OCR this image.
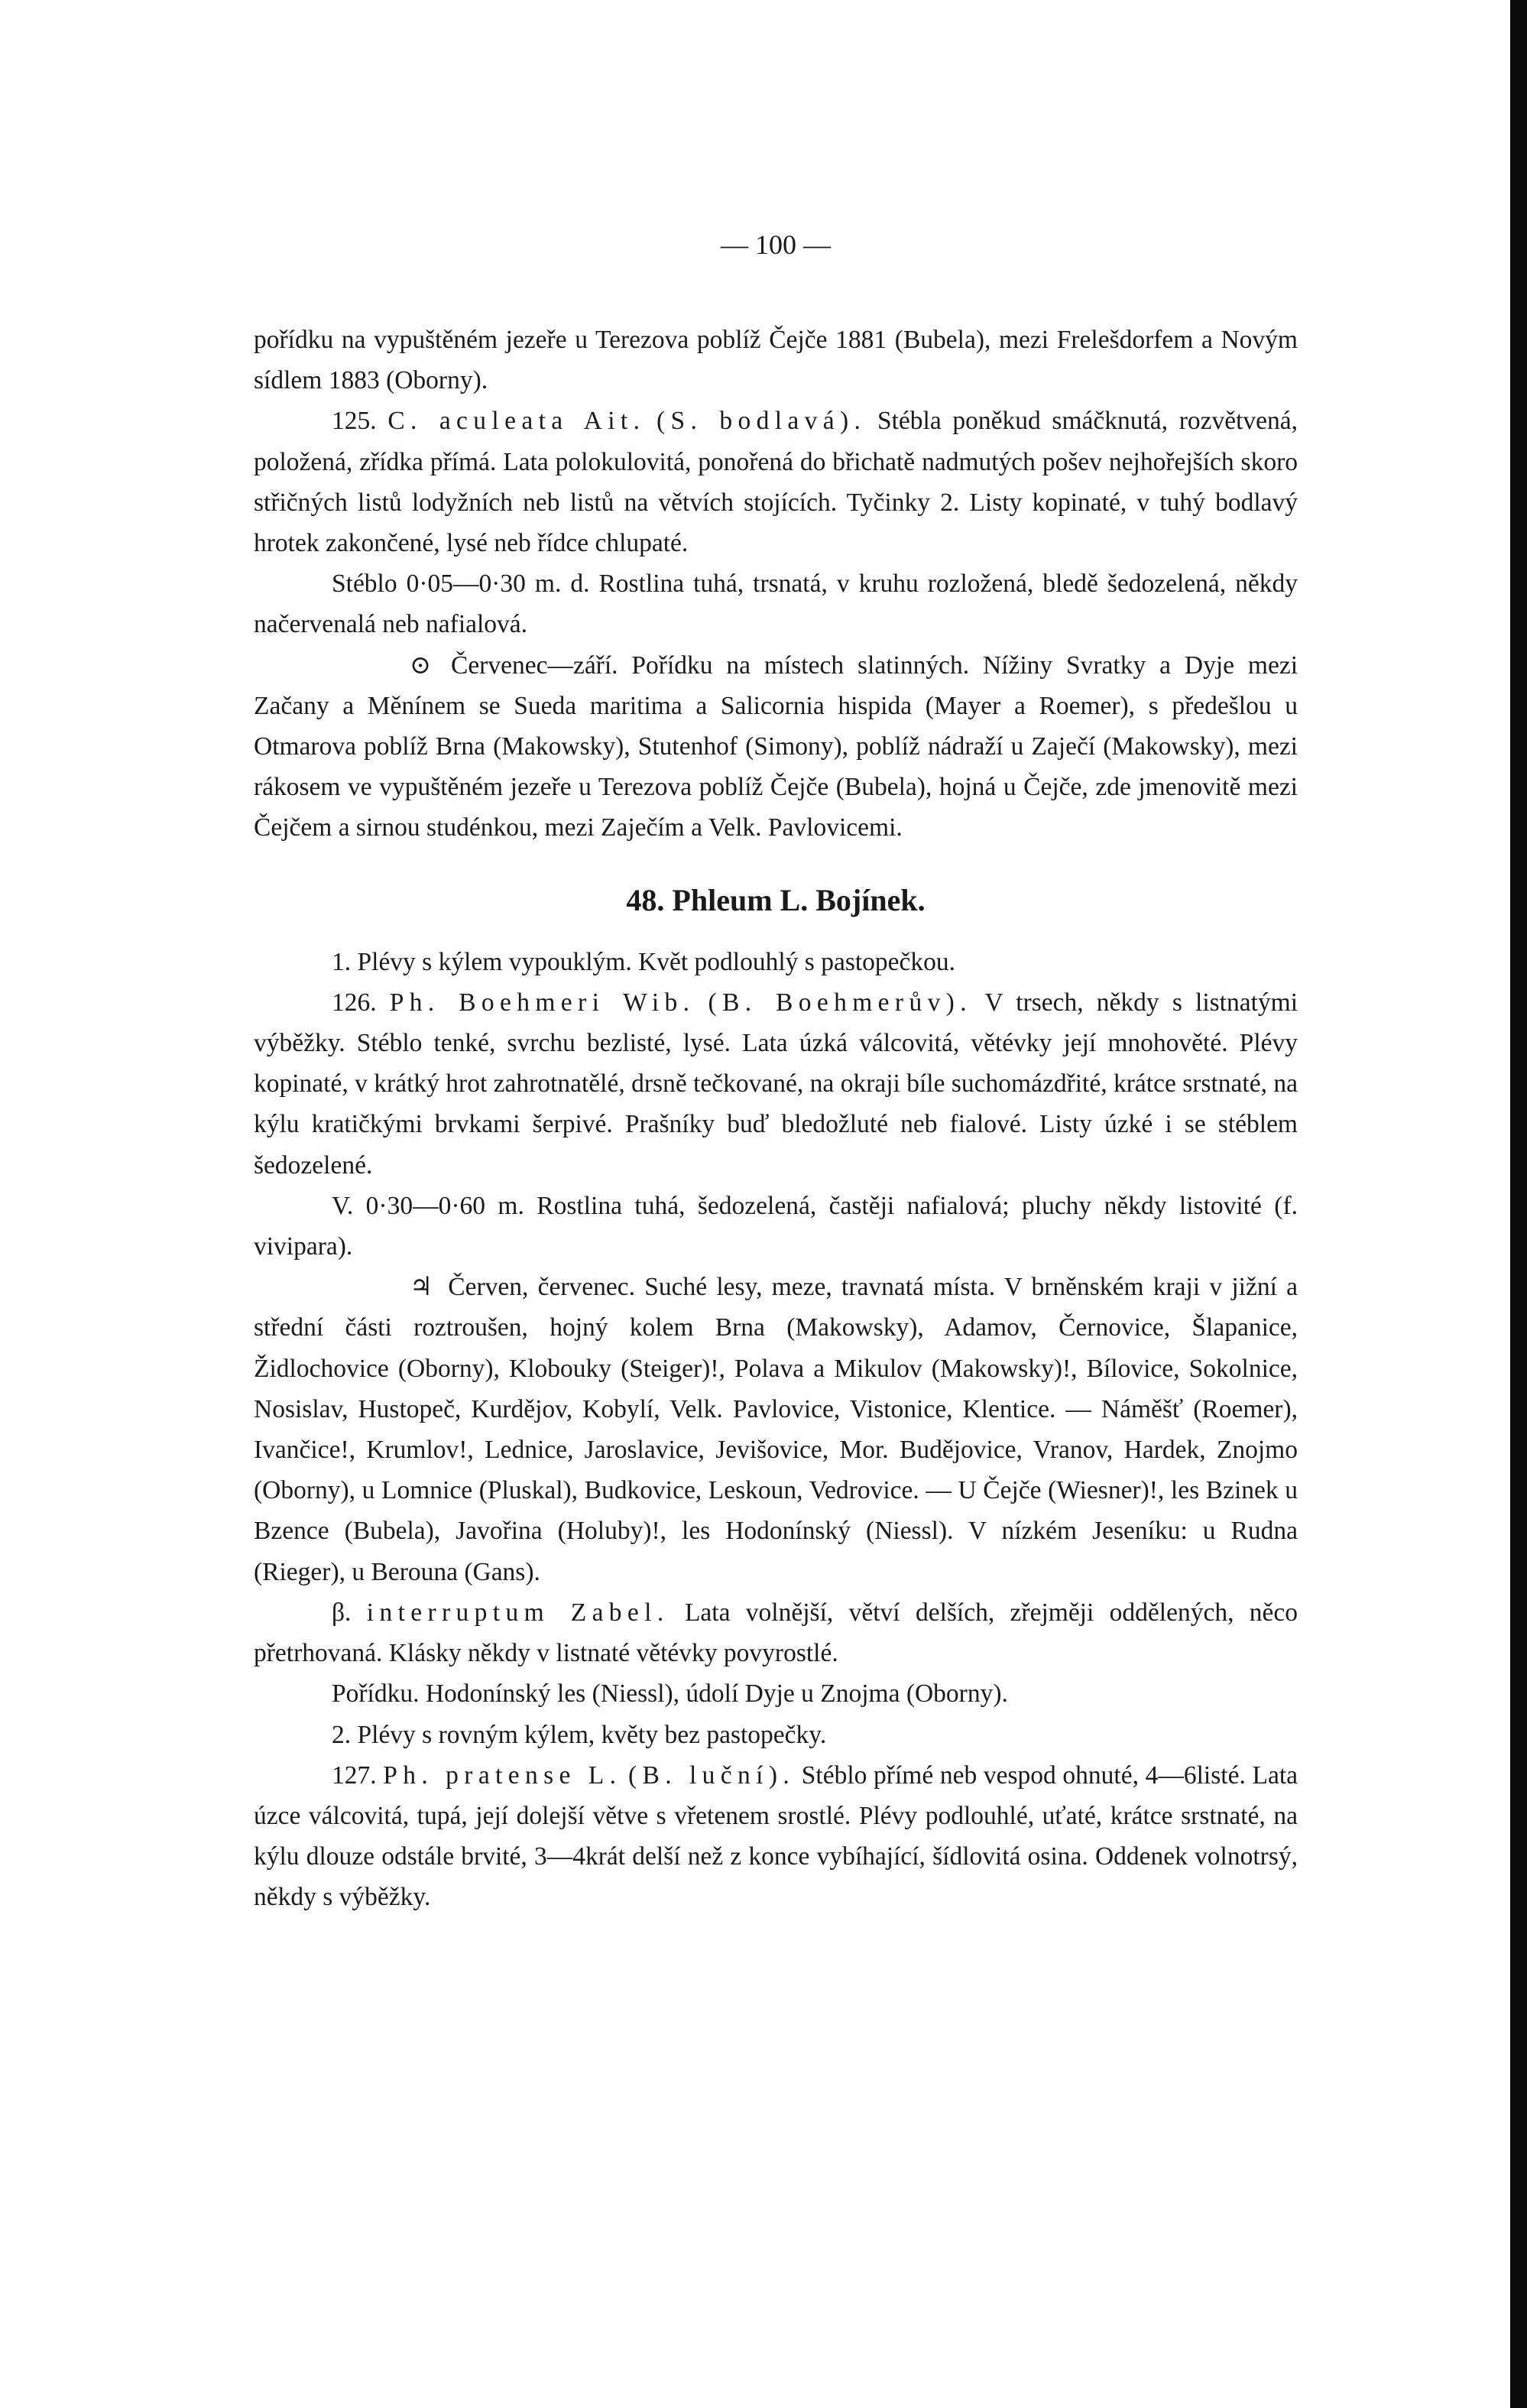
— 100 —

pořídku na vypuštěném jezeře u Terezova poblíž Čejče 1881 (Bubela), mezi Frelešdorfem a Novým sídlem 1883 (Oborny).

125. C. aculeata Ait. (S. bodlavá). Stébla poněkud smáčknutá, rozvětvená, položená, zřídka přímá. Lata polokulovitá, ponořená do břichatě nadmutých pošev nejhořejších skoro střičných listů lodyžních neb listů na větvích stojících. Tyčinky 2. Listy kopinaté, v tuhý bodlavý hrotek zakončené, lysé neb řídce chlupaté.

Stéblo 0·05—0·30 m. d. Rostlina tuhá, trsnatá, v kruhu rozložená, bledě šedozelená, někdy načervenalá neb nafialová.

⊙ Červenec—září. Pořídku na místech slatinných. Nížiny Svratky a Dyje mezi Začany a Měnínem se Sueda maritima a Salicornia hispida (Mayer a Roemer), s předešlou u Otmarova poblíž Brna (Makowsky), Stutenhof (Simony), poblíž nádraží u Zaječí (Makowsky), mezi rákosem ve vypuštěném jezeře u Terezova poblíž Čejče (Bubela), hojná u Čejče, zde jmenovitě mezi Čejčem a sirnou studénkou, mezi Zaječím a Velk. Pavlovicemi.

48. Phleum L. Bojínek.

1. Plévy s kýlem vypouklým. Květ podlouhlý s pastopečkou.

126. Ph. Boehmeri Wib. (B. Boehmerův). V trsech, někdy s listnatými výběžky. Stéblo tenké, svrchu bezlisté, lysé. Lata úzká válcovitá, větévky její mnohověté. Plévy kopinaté, v krátký hrot zahrotnatělé, drsně tečkované, na okraji bíle suchomázdřité, krátce srstnaté, na kýlu kratičkými brvkami šerpivé. Prašníky buď bledožluté neb fialové. Listy úzké i se stéblem šedozelené.

V. 0·30—0·60 m. Rostlina tuhá, šedozelená, častěji nafialová; pluchy někdy listovité (f. vivipara).

♃ Červen, červenec. Suché lesy, meze, travnatá místa. V brněnském kraji v jižní a střední části roztroušen, hojný kolem Brna (Makowsky), Adamov, Černovice, Šlapanice, Židlochovice (Oborny), Klobouky (Steiger)!, Polava a Mikulov (Makowsky)!, Bílovice, Sokolnice, Nosislav, Hustopeč, Kurdějov, Kobylí, Velk. Pavlovice, Vistonice, Klentice. — Náměšť (Roemer), Ivančice!, Krumlov!, Lednice, Jaroslavice, Jevišovice, Mor. Budějovice, Vranov, Hardek, Znojmo (Oborny), u Lomnice (Pluskal), Budkovice, Leskoun, Vedrovice. — U Čejče (Wiesner)!, les Bzinek u Bzence (Bubela), Javořina (Holuby)!, les Hodonínský (Niessl). V nízkém Jeseníku: u Rudna (Rieger), u Berouna (Gans).

β. interruptum Zabel. Lata volnější, větví delších, zřejměji oddělených, něco přetrhovaná. Klásky někdy v listnaté větévky povyrostlé.

Pořídku. Hodonínský les (Niessl), údolí Dyje u Znojma (Oborny).

2. Plévy s rovným kýlem, květy bez pastopečky.

127. Ph. pratense L. (B. luční). Stéblo přímé neb vespod ohnuté, 4—6listé. Lata úzce válcovitá, tupá, její dolejší větve s vřetenem srostlé. Plévy podlouhlé, uťaté, krátce srstnaté, na kýlu dlouze odstále brvité, 3—4krát delší než z konce vybíhající, šídlovitá osina. Oddenek volnotrsý, někdy s výběžky.
